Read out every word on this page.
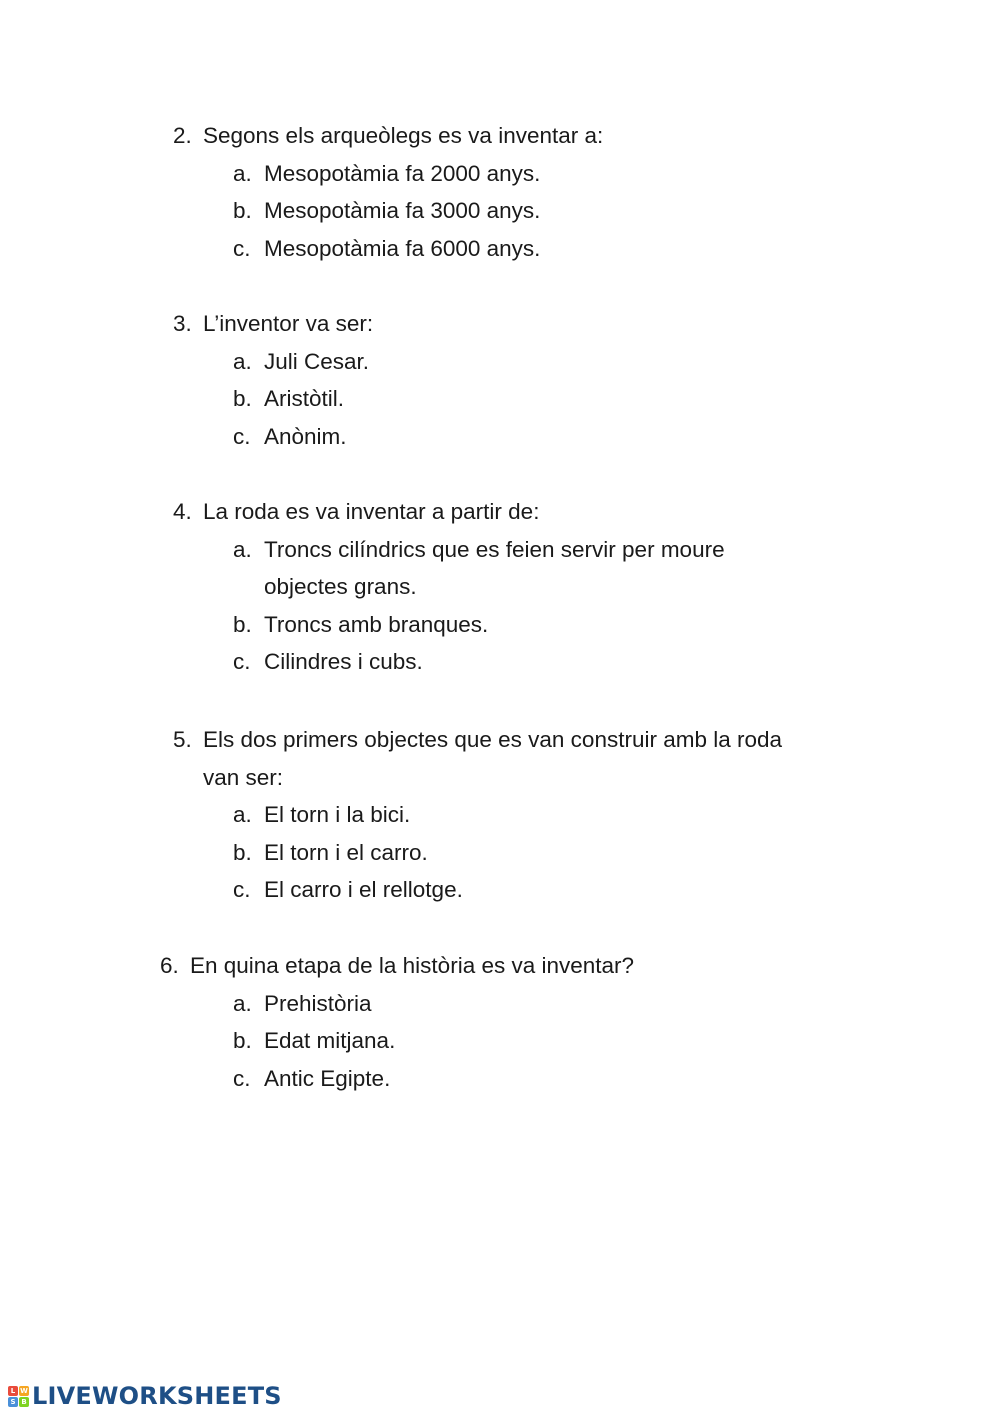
2. Segons els arqueòlegs es va inventar a:
a. Mesopotàmia fa 2000 anys.
b. Mesopotàmia fa 3000 anys.
c. Mesopotàmia fa 6000 anys.
3. L’inventor va ser:
a. Juli Cesar.
b. Aristòtil.
c. Anònim.
4. La roda es va inventar a partir de:
a. Troncs cilíndrics que es feien servir per moure
objectes grans.
b. Troncs amb branques.
c. Cilindres i cubs.
5. Els dos primers objectes que es van construir amb la roda
van ser:
a. El torn i la bici.
b. El torn i el carro.
c. El carro i el rellotge.
6. En quina etapa de la història es va inventar?
a. Prehistòria
b. Edat mitjana.
c. Antic Egipte.
L W
S B LIVEWORKSHEETS
